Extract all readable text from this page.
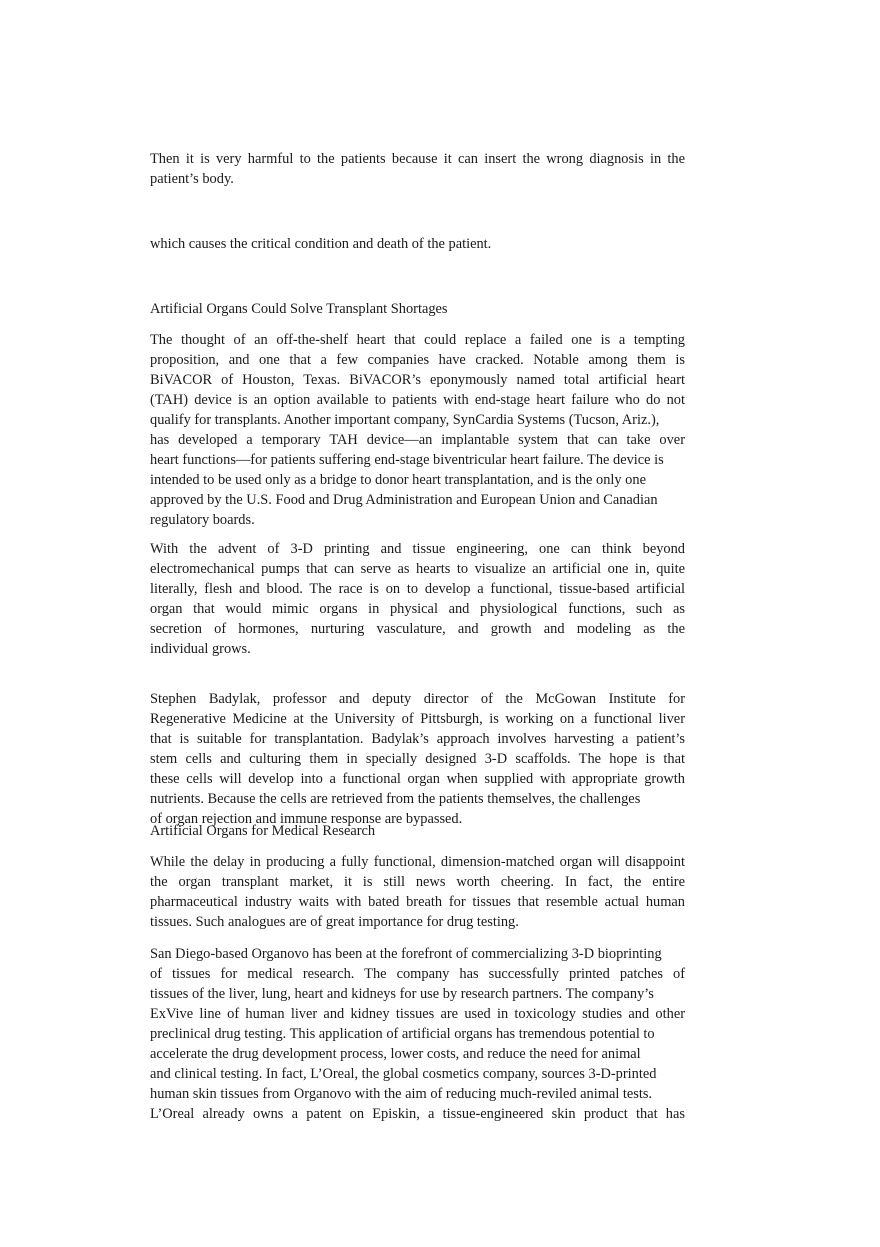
Then it is very harmful to the patients because it can insert the wrong diagnosis in the
patient’s body.
which causes the critical condition and death of the patient.
Artificial Organs Could Solve Transplant Shortages
The thought of an off-the-shelf heart that could replace a failed one is a tempting
proposition, and one that a few companies have cracked. Notable among them is
BiVACOR of Houston, Texas. BiVACOR’s eponymously named total artificial heart
(TAH) device is an option available to patients with end-stage heart failure who do not
qualify for transplants. Another important company, SynCardia Systems (Tucson, Ariz.),
has developed a temporary TAH device—an implantable system that can take over
heart functions—for patients suffering end-stage biventricular heart failure. The device is
intended to be used only as a bridge to donor heart transplantation, and is the only one
approved by the U.S. Food and Drug Administration and European Union and Canadian
regulatory boards.
With the advent of 3-D printing and tissue engineering, one can think beyond
electromechanical pumps that can serve as hearts to visualize an artificial one in, quite
literally, flesh and blood. The race is on to develop a functional, tissue-based artificial
organ that would mimic organs in physical and physiological functions, such as
secretion of hormones, nurturing vasculature, and growth and modeling as the
individual grows.
Stephen Badylak, professor and deputy director of the McGowan Institute for
Regenerative Medicine at the University of Pittsburgh, is working on a functional liver
that is suitable for transplantation. Badylak’s approach involves harvesting a patient’s
stem cells and culturing them in specially designed 3-D scaffolds. The hope is that
these cells will develop into a functional organ when supplied with appropriate growth
nutrients. Because the cells are retrieved from the patients themselves, the challenges
of organ rejection and immune response are bypassed.
Artificial Organs for Medical Research
While the delay in producing a fully functional, dimension-matched organ will disappoint
the organ transplant market, it is still news worth cheering. In fact, the entire
pharmaceutical industry waits with bated breath for tissues that resemble actual human
tissues. Such analogues are of great importance for drug testing.
San Diego-based Organovo has been at the forefront of commercializing 3-D bioprinting
of tissues for medical research. The company has successfully printed patches of
tissues of the liver, lung, heart and kidneys for use by research partners. The company’s
ExVive line of human liver and kidney tissues are used in toxicology studies and other
preclinical drug testing. This application of artificial organs has tremendous potential to
accelerate the drug development process, lower costs, and reduce the need for animal
and clinical testing. In fact, L’Oreal, the global cosmetics company, sources 3-D-printed
human skin tissues from Organovo with the aim of reducing much-reviled animal tests.
L’Oreal already owns a patent on Episkin, a tissue-engineered skin product that has
